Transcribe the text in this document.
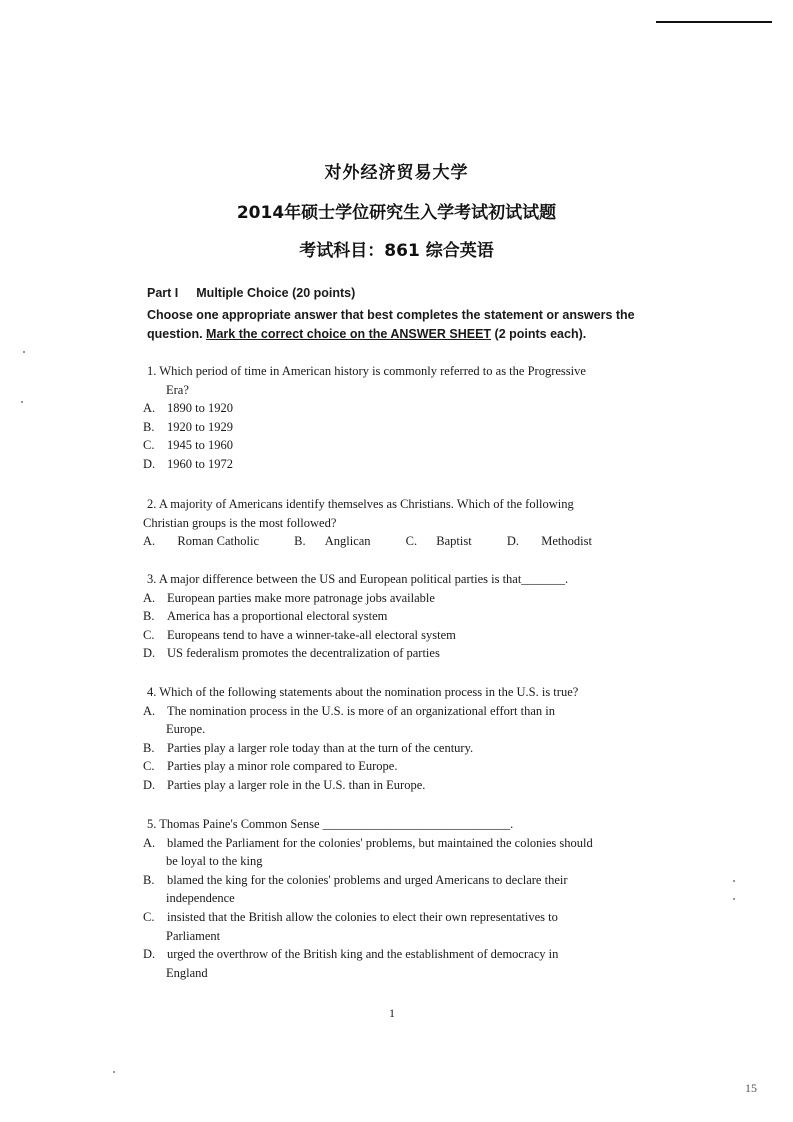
对外经济贸易大学
2014年硕士学位研究生入学考试初试试题
考试科目：861 综合英语
Part I Multiple Choice (20 points)
Choose one appropriate answer that best completes the statement or answers the question. Mark the correct choice on the ANSWER SHEET (2 points each).

1. Which period of time in American history is commonly referred to as the Progressive

Era?

A. 1890 to 1920
B.	1920 to 1929
C.	1945 to 1960
D. 1960 to 1972

2. A majority of Americans identify themselves as Christians. Which of the following

Christian groups is the most followed?

A. Roman Catholic	B. Anglican	C. Baptist	D. Methodist

3. A major difference between the US and European political parties is that_______.

A. European parties make more patronage jobs available
B.	America has a proportional electoral system
C.	Europeans tend to have a winner-take-all electoral system
D. US federalism promotes the decentralization of parties

4. Which of the following statements about the nomination process in the U.S. is true?

A. The nomination process in the U.S. is more of an organizational effort than in

Europe.

B.	Parties play a larger role today than at the turn of the century.
C.	Parties play a minor role compared to Europe.
D. Parties play a larger role in the U.S. than in Europe.

5. Thomas Paine's Common Sense ______________________________.

A. blamed the Parliament for the colonies' problems, but maintained the colonies should

be loyal to the king

B.	blamed the king for the colonies' problems and urged Americans to declare their

independence

C.	insisted that the British allow the colonies to elect their own representatives to

Parliament

D. urged the overthrow of the British king and the establishment of democracy in

England

1
15
